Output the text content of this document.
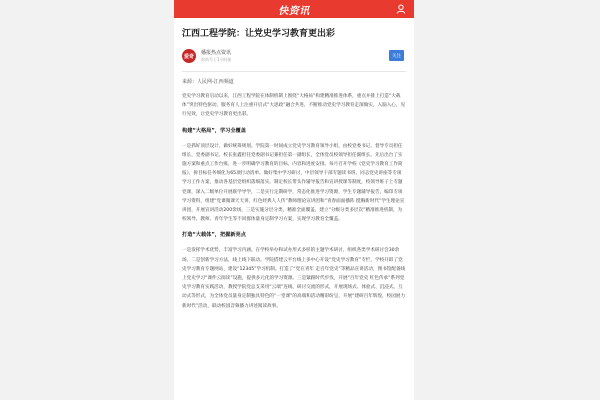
快资讯
江西工程学院：让党史学习教育更出彩
爱奇
播报热点资讯
时尚号 | 1小时前
关注
来源：人民网-江西频道

党史学习教育启动以来，江西工程学院在体制机制上围绕“大格局”构建精准推进体系，重点并排上打造“大载体”突出特色驱动，服务育人上注重开启式“大思政”融合共进，不断推动党史学习教育走深做实，入脑入心，见行见效，让党史学习教育更出彩。

构建“大格局”，学习全覆盖

一是抓好顶层设计，做好统筹规划。学院第一时间成立党史学习教育领导小组，由校党委书记、督导专员担任组长，党委副书记、校长张鑫担任党委副书记兼担任第一副组长，全体党员校领导担任副组长。先后出台了实施方案和重点工作台账，进一步明确学习教育的目标、内容和进度安排。每月召开学校《党史学习教育工作简报》，拆目标任务细化为65项行动清单。做好集中学习研讨，中层领导干部专题读书班，同志党史讲座等专项学习工作方案，推动各基层党组织落细落实。制定校长带头作辅导报告和宣讲授课等制度，校领导班子上专题党课，深入二级单位开展联学导学，二是实行定期研学，常态化推进学习资源，学生专题辅导报告，编印专项学习资料，组建“党课微课天天讲，红色经典人人传”教师理论宣讲团和“青春面面播阵 挺胸新时代”学生理论宣讲团，开展宣讲活动200余场，三是实施分层分类，精准全面覆盖，建立“分级分类多层次”精准推进机制，为校领导、教师、青年学生等不同群体量身定制学习方案，实现学习教育全覆盖。

打造“大载体”，把握新亮点

一是发挥学术优势，丰富学习内涵。在学校举办和试办形式多样的主题学术研讨，组织各类学术研讨会30余场。二是创新学习方法，线上线下联动。学院搭建云平台线上多中心开设“党史学习教育”专栏，学校开辟了党史学习教育专题网站，建设“12345”学习机制。打造了“党在青年 走百年党史”等精品宣讲活动，图书馆配备线上党史学习“课件云阅读”设施，提供多元化的学习资源。三是紧跟时代步伐，开展“百年党史 红色传承”系列党史学习教育实践活动，教授学院党总支采用“云端”连线、研讨交流的形式，开展现场式、体验式、沉浸式、互动式等形式，为全体党员量身定制独具特色的“一堂课”的高端和活动精彩纷呈，开展“建研百年辉煌，校园展力新时代”活动，联动校园音频播力讲述阅读故事。
